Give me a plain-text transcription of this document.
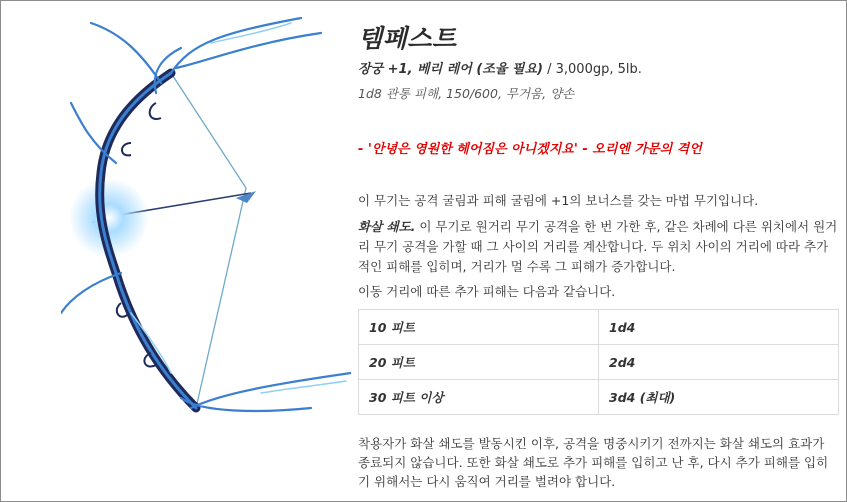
템페스트
장궁 +1, 베리 레어 (조율 필요) / 3,000gp, 5lb.
1d8 관통 피해, 150/600, 무거움, 양손
- '안녕은 영원한 헤어짐은 아니겠지요' - 오리엔 가문의 격언
이 무기는 공격 굴림과 피해 굴림에 +1의 보너스를 갖는 마법 무기입니다.
화살 쇄도. 이 무기로 원거리 무기 공격을 한 번 가한 후, 같은 차례에 다른 위치에서 원거리 무기 공격을 가할 때 그 사이의 거리를 계산합니다. 두 위치 사이의 거리에 따라 추가적인 피해를 입히며, 거리가 멀 수록 그 피해가 증가합니다.
이동 거리에 따른 추가 피해는 다음과 같습니다.
10 피트	1d4
20 피트	2d4
30 피트 이상	3d4 (최대)
착용자가 화살 쇄도를 발동시킨 이후, 공격을 명중시키기 전까지는 화살 쇄도의 효과가 종료되지 않습니다. 또한 화살 쇄도로 추가 피해를 입히고 난 후, 다시 추가 피해를 입히기 위해서는 다시 움직여 거리를 벌려야 합니다.
